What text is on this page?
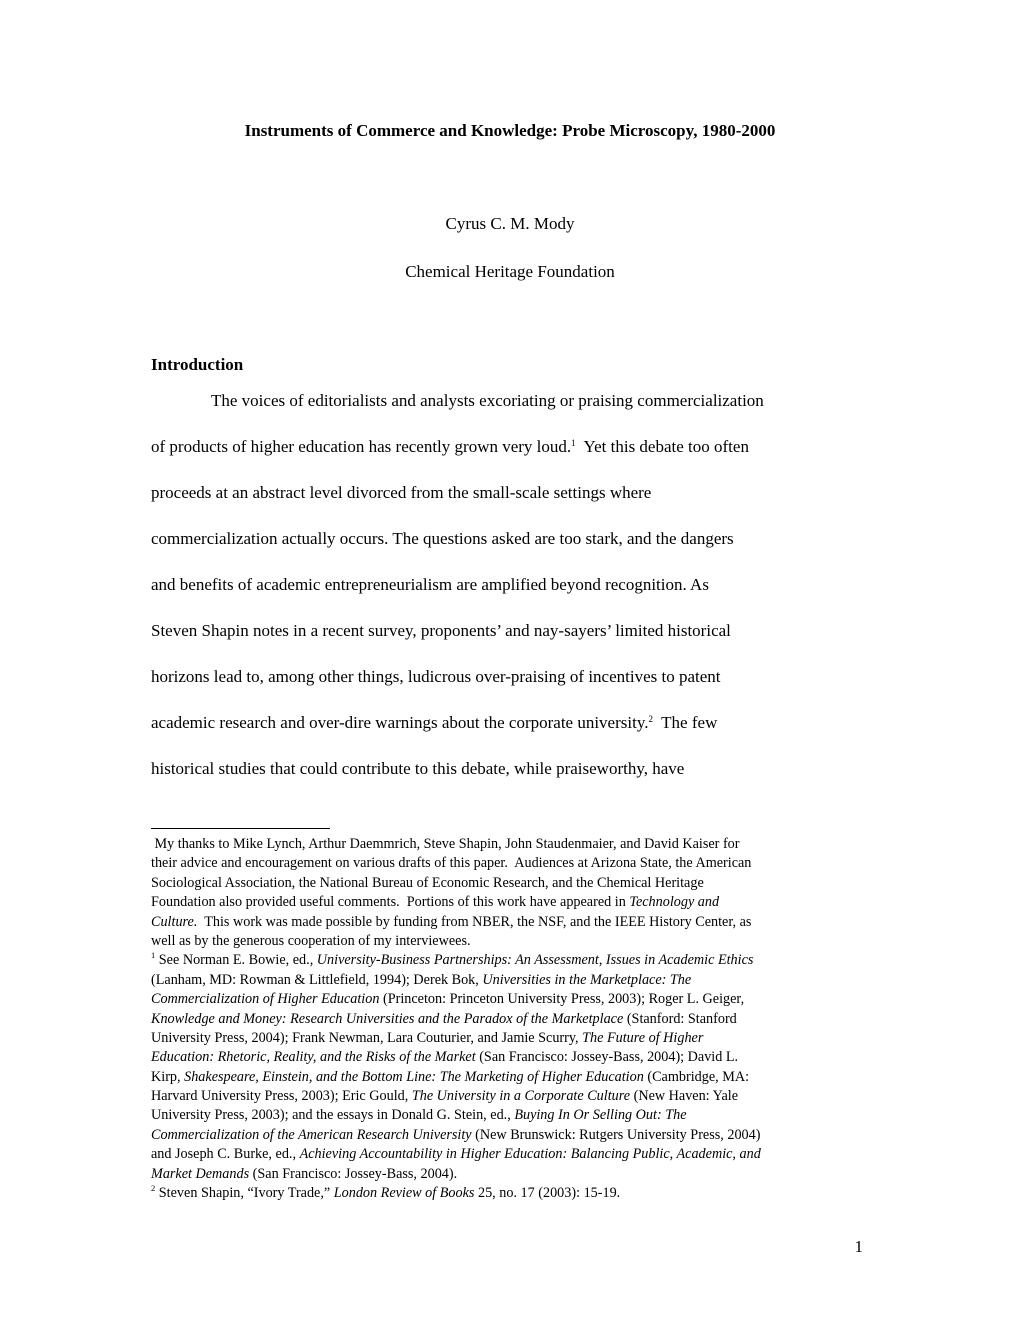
Instruments of Commerce and Knowledge: Probe Microscopy, 1980-2000
Cyrus C. M. Mody
Chemical Heritage Foundation
Introduction
The voices of editorialists and analysts excoriating or praising commercialization
of products of higher education has recently grown very loud.$^1$  Yet this debate too often
proceeds at an abstract level divorced from the small-scale settings where
commercialization actually occurs. The questions asked are too stark, and the dangers
and benefits of academic entrepreneurialism are amplified beyond recognition. As
Steven Shapin notes in a recent survey, proponents’ and nay-sayers’ limited historical
horizons lead to, among other things, ludicrous over-praising of incentives to patent
academic research and over-dire warnings about the corporate university.$^2$  The few
historical studies that could contribute to this debate, while praiseworthy, have
My thanks to Mike Lynch, Arthur Daemmrich, Steve Shapin, John Staudenmaier, and David Kaiser for
their advice and encouragement on various drafts of this paper.  Audiences at Arizona State, the American
Sociological Association, the National Bureau of Economic Research, and the Chemical Heritage
Foundation also provided useful comments.  Portions of this work have appeared in Technology and
Culture.  This work was made possible by funding from NBER, the NSF, and the IEEE History Center, as
well as by the generous cooperation of my interviewees.
$^1$ See Norman E. Bowie, ed., University-Business Partnerships: An Assessment, Issues in Academic Ethics
(Lanham, MD: Rowman & Littlefield, 1994); Derek Bok, Universities in the Marketplace: The
Commercialization of Higher Education (Princeton: Princeton University Press, 2003); Roger L. Geiger,
Knowledge and Money: Research Universities and the Paradox of the Marketplace (Stanford: Stanford
University Press, 2004); Frank Newman, Lara Couturier, and Jamie Scurry, The Future of Higher
Education: Rhetoric, Reality, and the Risks of the Market (San Francisco: Jossey-Bass, 2004); David L.
Kirp, Shakespeare, Einstein, and the Bottom Line: The Marketing of Higher Education (Cambridge, MA:
Harvard University Press, 2003); Eric Gould, The University in a Corporate Culture (New Haven: Yale
University Press, 2003); and the essays in Donald G. Stein, ed., Buying In Or Selling Out: The
Commercialization of the American Research University (New Brunswick: Rutgers University Press, 2004)
and Joseph C. Burke, ed., Achieving Accountability in Higher Education: Balancing Public, Academic, and
Market Demands (San Francisco: Jossey-Bass, 2004).
$^2$ Steven Shapin, “Ivory Trade,” London Review of Books 25, no. 17 (2003): 15-19.
1
